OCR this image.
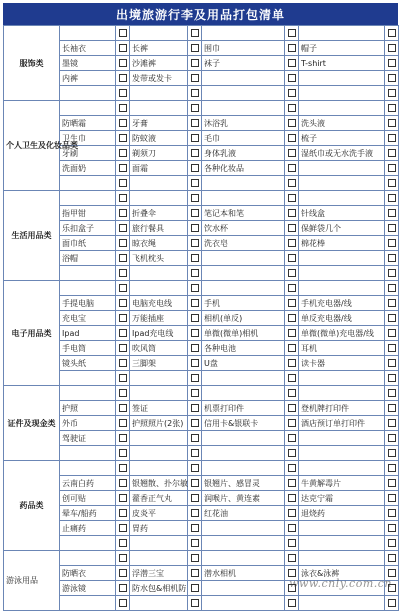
出境旅游行李及用品打包清单
服饰类								
	长袖衣		长裤		围巾		帽子	
	墨镜		沙滩裤		袜子		T-shirt	
	内裤		发带或发卡					

个人卫生及化妆品类								
	防晒霜		牙膏		沐浴乳		洗头液	
	卫生巾		防蚊液		毛巾		梳子	
	牙刷		剃须刀		身体乳液		湿纸巾或无水洗手液	
	洗面奶		面霜		各种化妆品			

生活用品类								
	指甲钳		折叠伞		笔记本和笔		针线盒	
	乐扣盒子		旅行餐具		饮水杯		保鲜袋几个	
	面巾纸		晾衣绳		洗衣皂		棉花棒	
	浴帽		飞机枕头					

电子用品类								
	手提电脑		电脑充电线		手机		手机充电器/线	
	充电宝		万能插座		相机(单反)		单反充电器/线	
	Ipad		Ipad充电线		单微(微单)相机		单微(微单)充电器/线	
	手电筒		吹风筒		各种电池		耳机	
	镜头纸		三脚架		U盘		读卡器	

证件及现金类								
	护照		签证		机票打印件		登机牌打印件	
	外币		护照照片(2张)		信用卡&银联卡		酒店预订单打印件	
	驾驶证							

药品类								
	云南白药		银翘散、扑尔敏		银翘片、感冒灵		牛黄解毒片	
	创可贴		藿香正气丸		润喉片、黄连素		达克宁霜	
	晕车/船药		皮炎平		红花油		退烧药	
	止痛药		胃药					

游泳用品								
	防晒衣		浮潜三宝		潜水相机		泳衣&泳裤	
	游泳镜		防水包&相机防					
								www.cnly.com.cn
